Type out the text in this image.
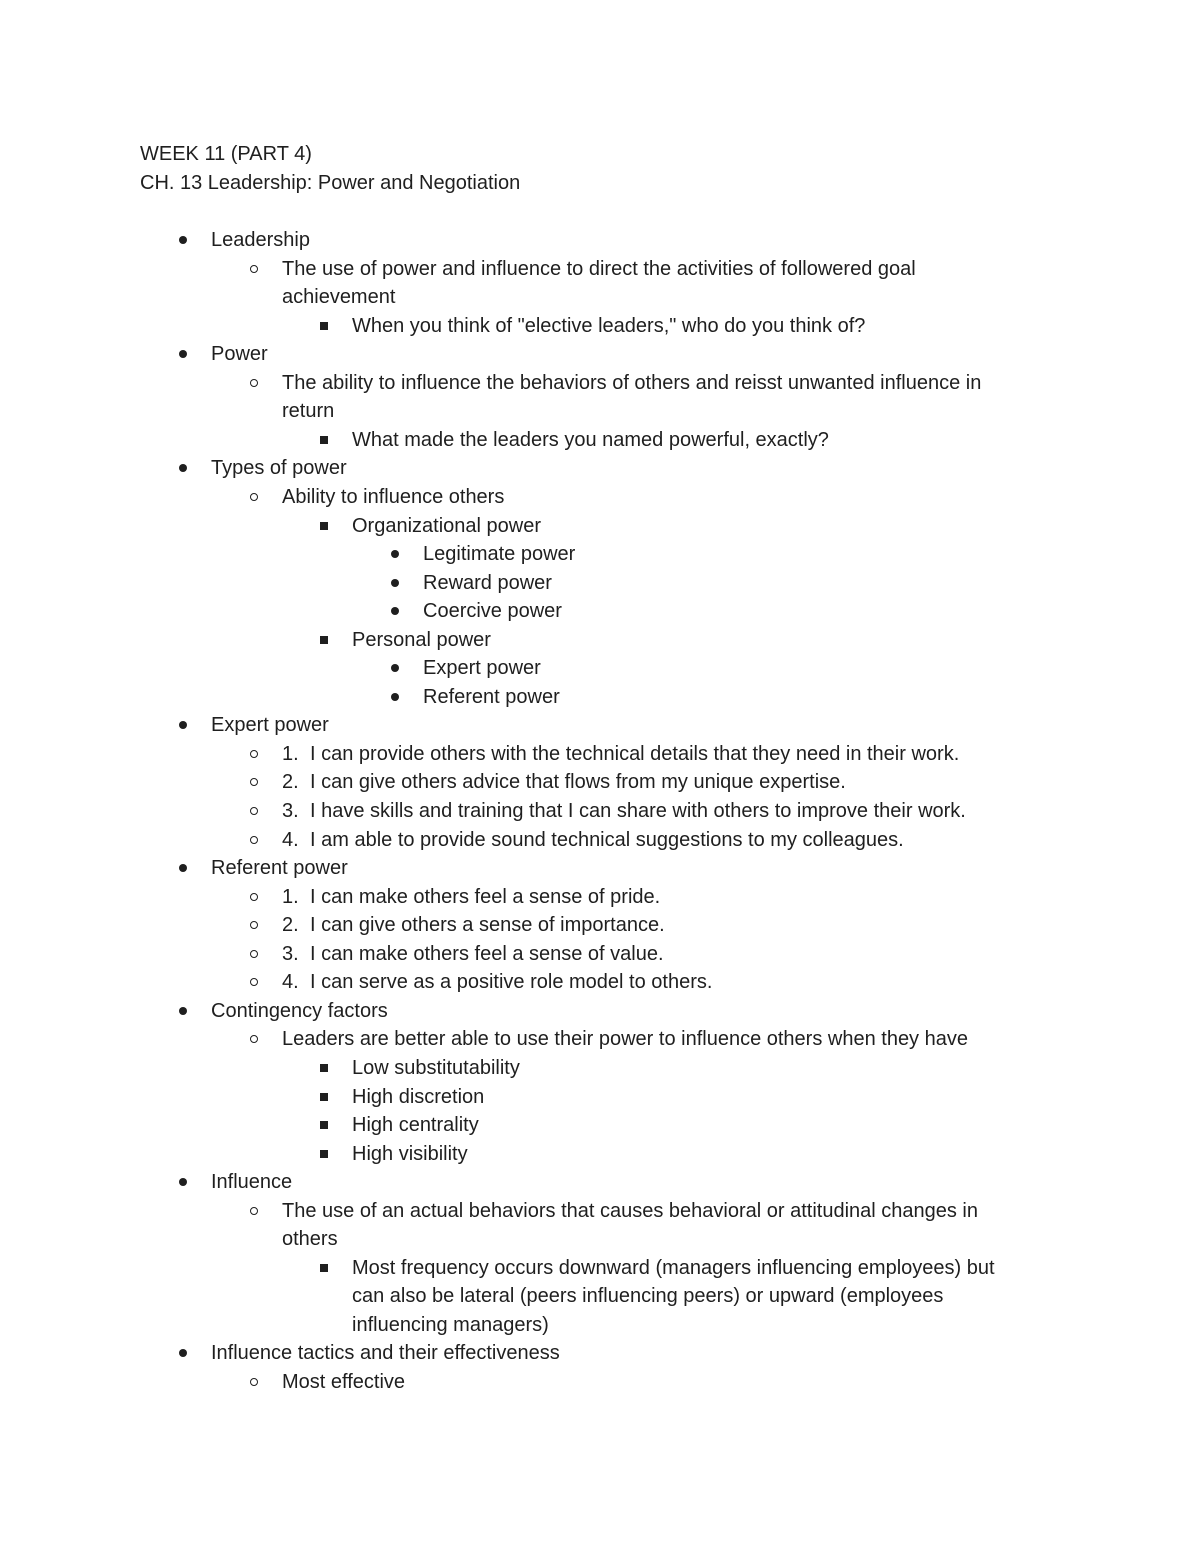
WEEK 11 (PART 4)
CH. 13 Leadership: Power and Negotiation
Leadership
The use of power and influence to direct the activities of followered goal
achievement
When you think of "elective leaders," who do you think of?
Power
The ability to influence the behaviors of others and reisst unwanted influence in
return
What made the leaders you named powerful, exactly?
Types of power
Ability to influence others
Organizational power
Legitimate power
Reward power
Coercive power
Personal power
Expert power
Referent power
Expert power
1. I can provide others with the technical details that they need in their work.
2. I can give others advice that flows from my unique expertise.
3. I have skills and training that I can share with others to improve their work.
4. I am able to provide sound technical suggestions to my colleagues.
Referent power
1. I can make others feel a sense of pride.
2. I can give others a sense of importance.
3. I can make others feel a sense of value.
4. I can serve as a positive role model to others.
Contingency factors
Leaders are better able to use their power to influence others when they have
Low substitutability
High discretion
High centrality
High visibility
Influence
The use of an actual behaviors that causes behavioral or attitudinal changes in
others
Most frequency occurs downward (managers influencing employees) but
can also be lateral (peers influencing peers) or upward (employees
influencing managers)
Influence tactics and their effectiveness
Most effective
